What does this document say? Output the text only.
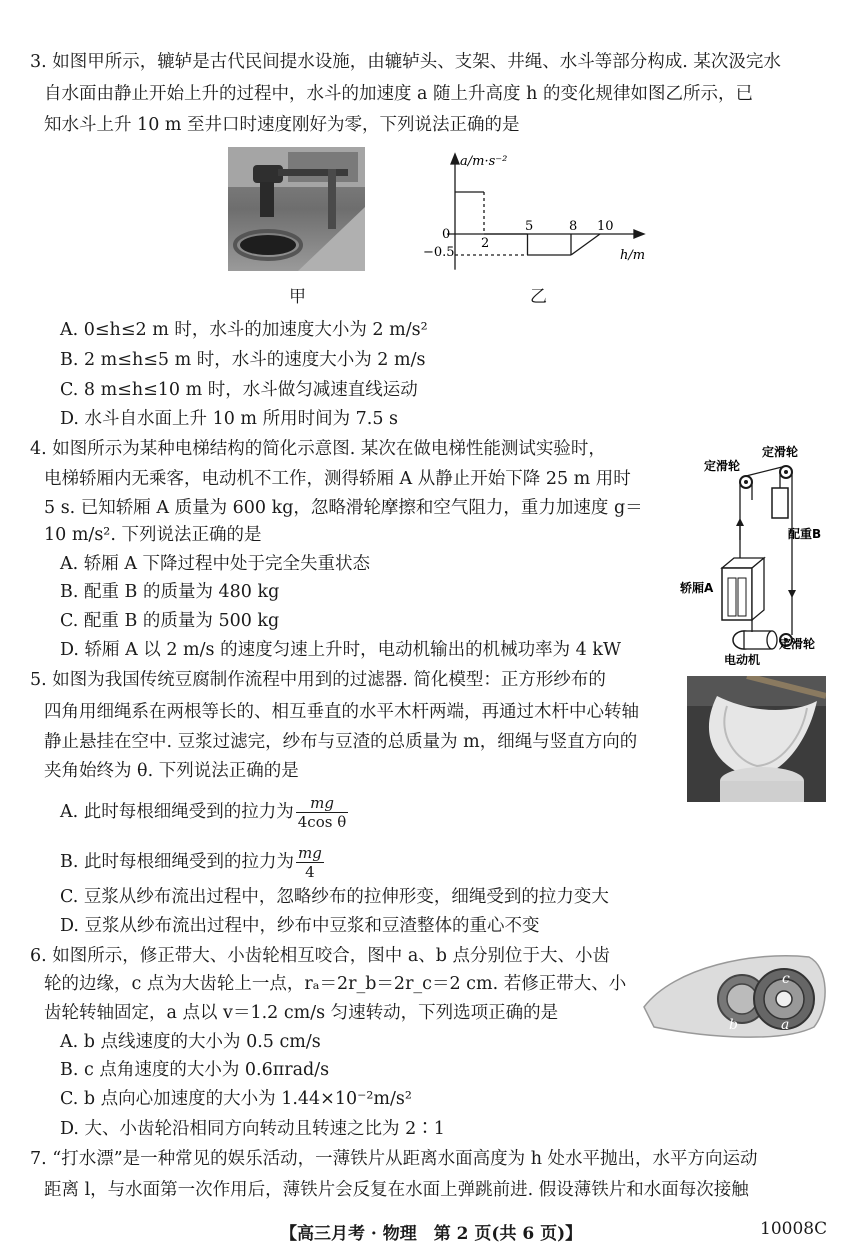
3. 如图甲所示，辘轳是古代民间提水设施，由辘轳头、支架、井绳、水斗等部分构成. 某次汲完水
自水面由静止开始上升的过程中，水斗的加速度 a 随上升高度 h 的变化规律如图乙所示，已
知水斗上升 10 m 至井口时速度刚好为零，下列说法正确的是
甲
a/m·s⁻²
h/m
0
−0.5
2
5	8 10
乙
A. 0≤h≤2 m 时，水斗的加速度大小为 2 m/s²
B. 2 m≤h≤5 m 时，水斗的速度大小为 2 m/s
C. 8 m≤h≤10 m 时，水斗做匀减速直线运动
D. 水斗自水面上升 10 m 所用时间为 7.5 s
4. 如图所示为某种电梯结构的简化示意图. 某次在做电梯性能测试实验时，
电梯轿厢内无乘客，电动机不工作，测得轿厢 A 从静止开始下降 25 m 用时
5 s. 已知轿厢 A 质量为 600 kg，忽略滑轮摩擦和空气阻力，重力加速度 g＝
10 m/s². 下列说法正确的是
A. 轿厢 A 下降过程中处于完全失重状态
B. 配重 B 的质量为 480 kg
C. 配重 B 的质量为 500 kg
D. 轿厢 A 以 2 m/s 的速度匀速上升时，电动机输出的机械功率为 4 kW
定滑轮
定滑轮
配重B
轿厢A
电动机
定滑轮
5. 如图为我国传统豆腐制作流程中用到的过滤器. 简化模型：正方形纱布的
四角用细绳系在两根等长的、相互垂直的水平木杆两端，再通过木杆中心转轴
静止悬挂在空中. 豆浆过滤完，纱布与豆渣的总质量为 m，细绳与竖直方向的
夹角始终为 θ. 下列说法正确的是
A. 此时每根细绳受到的拉力为 $\frac{mg}{\text{4cos θ}}$
B. 此时每根细绳受到的拉力为 $\frac{mg}{4}$
C. 豆浆从纱布流出过程中，忽略纱布的拉伸形变，细绳受到的拉力变大
D. 豆浆从纱布流出过程中，纱布中豆浆和豆渣整体的重心不变
6. 如图所示，修正带大、小齿轮相互咬合，图中 a、b 点分别位于大、小齿
轮的边缘，c 点为大齿轮上一点，rₐ＝2r_b＝2r_c＝2 cm. 若修正带大、小
齿轮转轴固定，a 点以 v＝1.2 cm/s 匀速转动，下列选项正确的是
A. b 点线速度的大小为 0.5 cm/s
B. c 点角速度的大小为 0.6πrad/s
C. b 点向心加速度的大小为 1.44×10⁻²m/s²
D. 大、小齿轮沿相同方向转动且转速之比为 2∶1
a
b
c
7. “打水漂”是一种常见的娱乐活动，一薄铁片从距离水面高度为 h 处水平抛出，水平方向运动
距离 l，与水面第一次作用后，薄铁片会反复在水面上弹跳前进. 假设薄铁片和水面每次接触
【高三月考 · 物理　第 2 页(共 6 页)】	10008C
